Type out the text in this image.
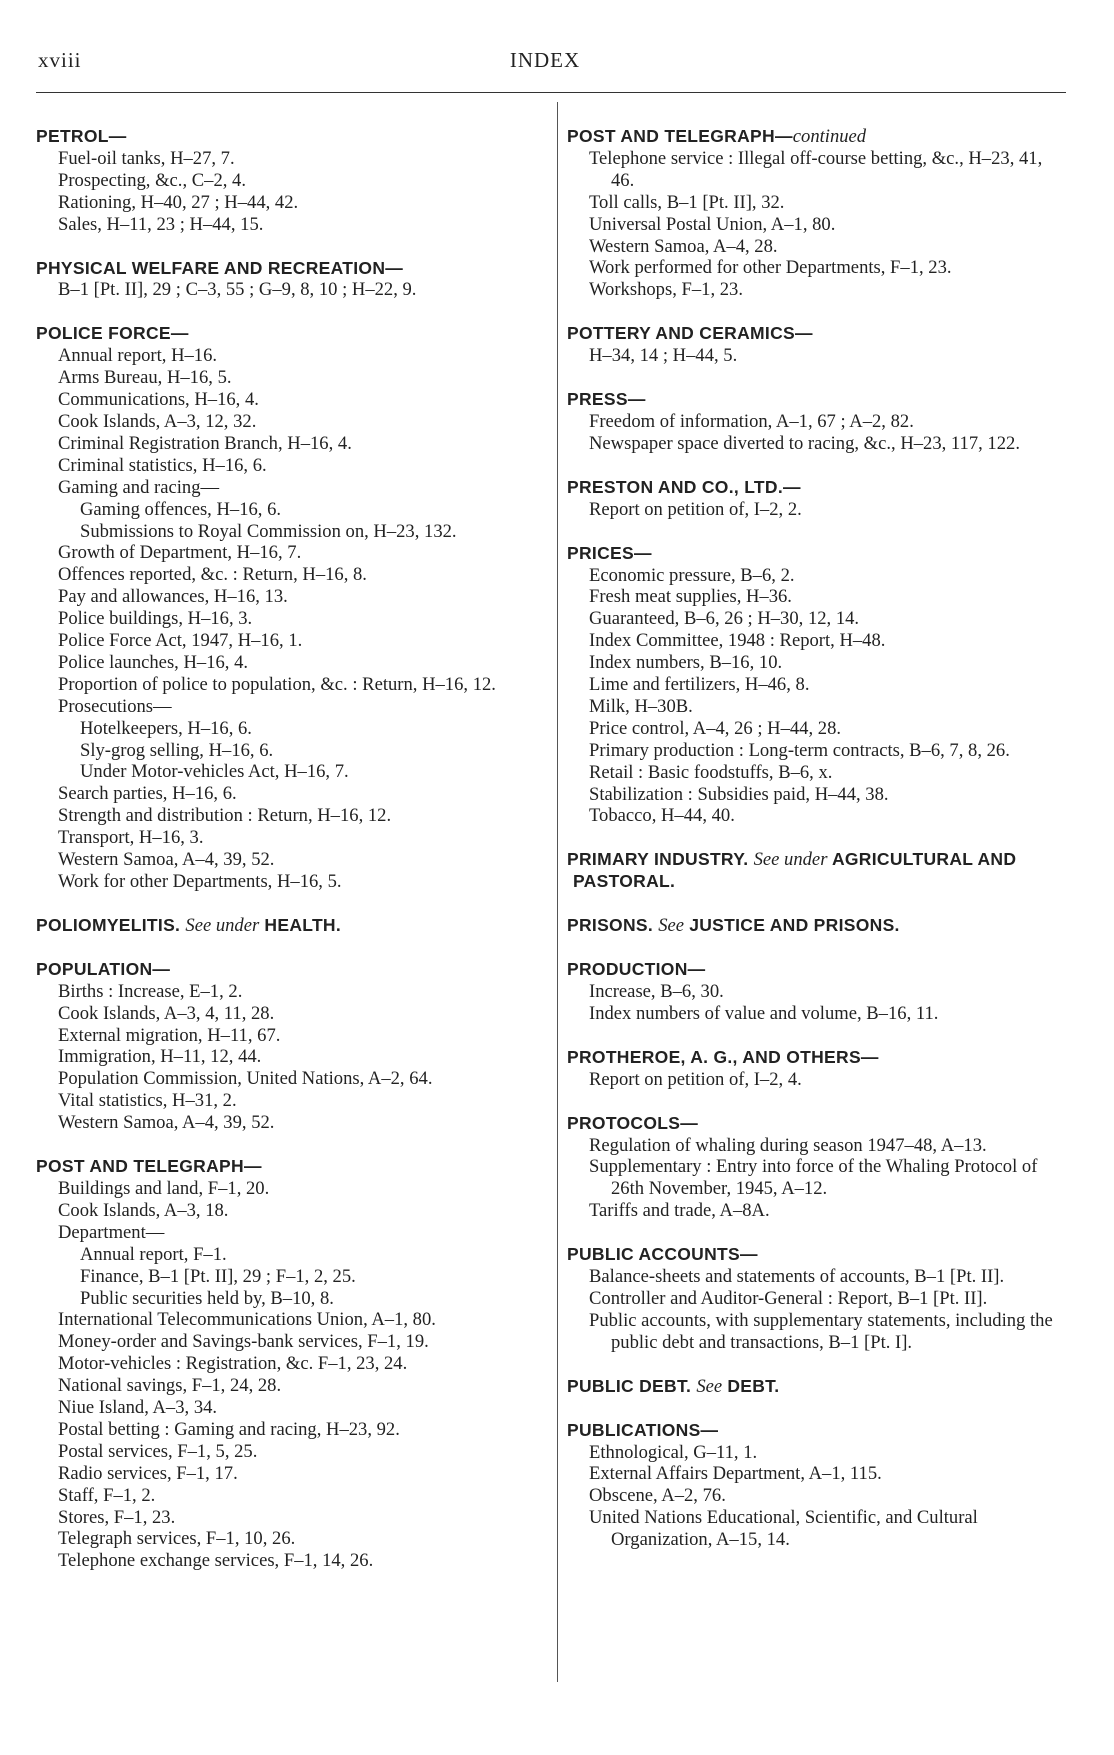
xviii	INDEX
PETROL—
Fuel-oil tanks, H–27, 7.
Prospecting, &c., C–2, 4.
Rationing, H–40, 27 ; H–44, 42.
Sales, H–11, 23 ; H–44, 15.
PHYSICAL WELFARE AND RECREATION—
B–1 [Pt. II], 29 ; C–3, 55 ; G–9, 8, 10 ; H–22, 9.
POLICE FORCE—
Annual report, H–16.
Arms Bureau, H–16, 5.
Communications, H–16, 4.
Cook Islands, A–3, 12, 32.
Criminal Registration Branch, H–16, 4.
Criminal statistics, H–16, 6.
Gaming and racing—
Gaming offences, H–16, 6.
Submissions to Royal Commission on, H–23, 132.
Growth of Department, H–16, 7.
Offences reported, &c. : Return, H–16, 8.
Pay and allowances, H–16, 13.
Police buildings, H–16, 3.
Police Force Act, 1947, H–16, 1.
Police launches, H–16, 4.
Proportion of police to population, &c. : Return, H–16, 12.
Prosecutions—
Hotelkeepers, H–16, 6.
Sly-grog selling, H–16, 6.
Under Motor-vehicles Act, H–16, 7.
Search parties, H–16, 6.
Strength and distribution : Return, H–16, 12.
Transport, H–16, 3.
Western Samoa, A–4, 39, 52.
Work for other Departments, H–16, 5.
POLIOMYELITIS. See under HEALTH.
POPULATION—
Births : Increase, E–1, 2.
Cook Islands, A–3, 4, 11, 28.
External migration, H–11, 67.
Immigration, H–11, 12, 44.
Population Commission, United Nations, A–2, 64.
Vital statistics, H–31, 2.
Western Samoa, A–4, 39, 52.
POST AND TELEGRAPH—
Buildings and land, F–1, 20.
Cook Islands, A–3, 18.
Department—
Annual report, F–1.
Finance, B–1 [Pt. II], 29 ; F–1, 2, 25.
Public securities held by, B–10, 8.
International Telecommunications Union, A–1, 80.
Money-order and Savings-bank services, F–1, 19.
Motor-vehicles : Registration, &c. F–1, 23, 24.
National savings, F–1, 24, 28.
Niue Island, A–3, 34.
Postal betting : Gaming and racing, H–23, 92.
Postal services, F–1, 5, 25.
Radio services, F–1, 17.
Staff, F–1, 2.
Stores, F–1, 23.
Telegraph services, F–1, 10, 26.
Telephone exchange services, F–1, 14, 26.
POST AND TELEGRAPH—continued
Telephone service : Illegal off-course betting, &c., H–23, 41, 46.
Toll calls, B–1 [Pt. II], 32.
Universal Postal Union, A–1, 80.
Western Samoa, A–4, 28.
Work performed for other Departments, F–1, 23.
Workshops, F–1, 23.
POTTERY AND CERAMICS—
H–34, 14 ; H–44, 5.
PRESS—
Freedom of information, A–1, 67 ; A–2, 82.
Newspaper space diverted to racing, &c., H–23, 117, 122.
PRESTON AND CO., LTD.—
Report on petition of, I–2, 2.
PRICES—
Economic pressure, B–6, 2.
Fresh meat supplies, H–36.
Guaranteed, B–6, 26 ; H–30, 12, 14.
Index Committee, 1948 : Report, H–48.
Index numbers, B–16, 10.
Lime and fertilizers, H–46, 8.
Milk, H–30B.
Price control, A–4, 26 ; H–44, 28.
Primary production : Long-term contracts, B–6, 7, 8, 26.
Retail : Basic foodstuffs, B–6, x.
Stabilization : Subsidies paid, H–44, 38.
Tobacco, H–44, 40.
PRIMARY INDUSTRY. See under AGRICULTURAL AND PASTORAL.
PRISONS. See JUSTICE AND PRISONS.
PRODUCTION—
Increase, B–6, 30.
Index numbers of value and volume, B–16, 11.
PROTHEROE, A. G., AND OTHERS—
Report on petition of, I–2, 4.
PROTOCOLS—
Regulation of whaling during season 1947–48, A–13.
Supplementary : Entry into force of the Whaling Protocol of 26th November, 1945, A–12.
Tariffs and trade, A–8A.
PUBLIC ACCOUNTS—
Balance-sheets and statements of accounts, B–1 [Pt. II].
Controller and Auditor-General : Report, B–1 [Pt. II].
Public accounts, with supplementary statements, including the public debt and transactions, B–1 [Pt. I].
PUBLIC DEBT. See DEBT.
PUBLICATIONS—
Ethnological, G–11, 1.
External Affairs Department, A–1, 115.
Obscene, A–2, 76.
United Nations Educational, Scientific, and Cultural Organization, A–15, 14.
